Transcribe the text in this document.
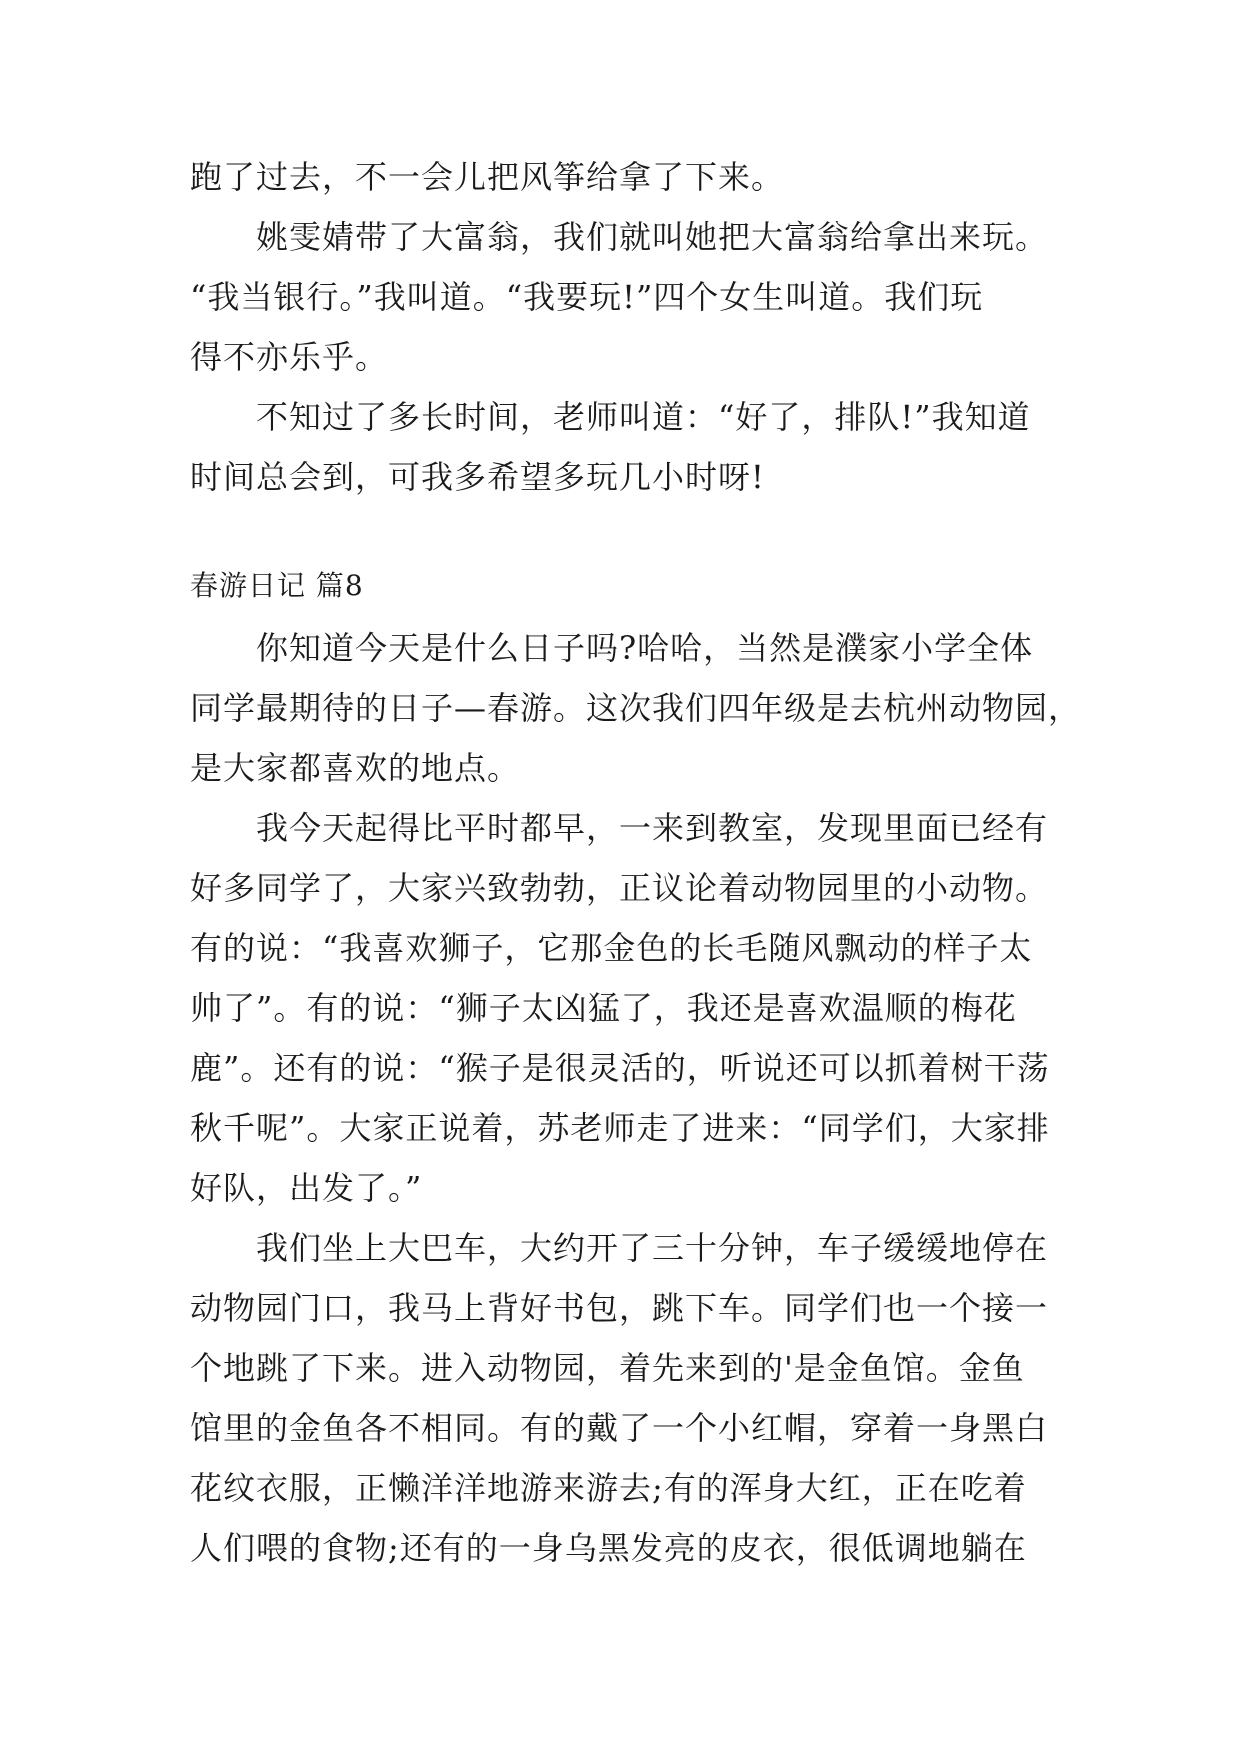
跑了过去，不一会儿把风筝给拿了下来。
姚雯婧带了大富翁，我们就叫她把大富翁给拿出来玩。
“我当银行。”我叫道。“我要玩!”四个女生叫道。我们玩
得不亦乐乎。
不知过了多长时间，老师叫道：“好了，排队!”我知道
时间总会到，可我多希望多玩几小时呀!
春游日记 篇8
你知道今天是什么日子吗?哈哈，当然是濮家小学全体
同学最期待的日子—春游。这次我们四年级是去杭州动物园，
是大家都喜欢的地点。
我今天起得比平时都早，一来到教室，发现里面已经有
好多同学了，大家兴致勃勃，正议论着动物园里的小动物。
有的说：“我喜欢狮子，它那金色的长毛随风飘动的样子太
帅了”。有的说：“狮子太凶猛了，我还是喜欢温顺的梅花
鹿”。还有的说：“猴子是很灵活的，听说还可以抓着树干荡
秋千呢”。大家正说着，苏老师走了进来：“同学们，大家排
好队，出发了。”
我们坐上大巴车，大约开了三十分钟，车子缓缓地停在
动物园门口，我马上背好书包，跳下车。同学们也一个接一
个地跳了下来。进入动物园，着先来到的'是金鱼馆。金鱼
馆里的金鱼各不相同。有的戴了一个小红帽，穿着一身黑白
花纹衣服，正懒洋洋地游来游去;有的浑身大红，正在吃着
人们喂的食物;还有的一身乌黑发亮的皮衣，很低调地躺在
